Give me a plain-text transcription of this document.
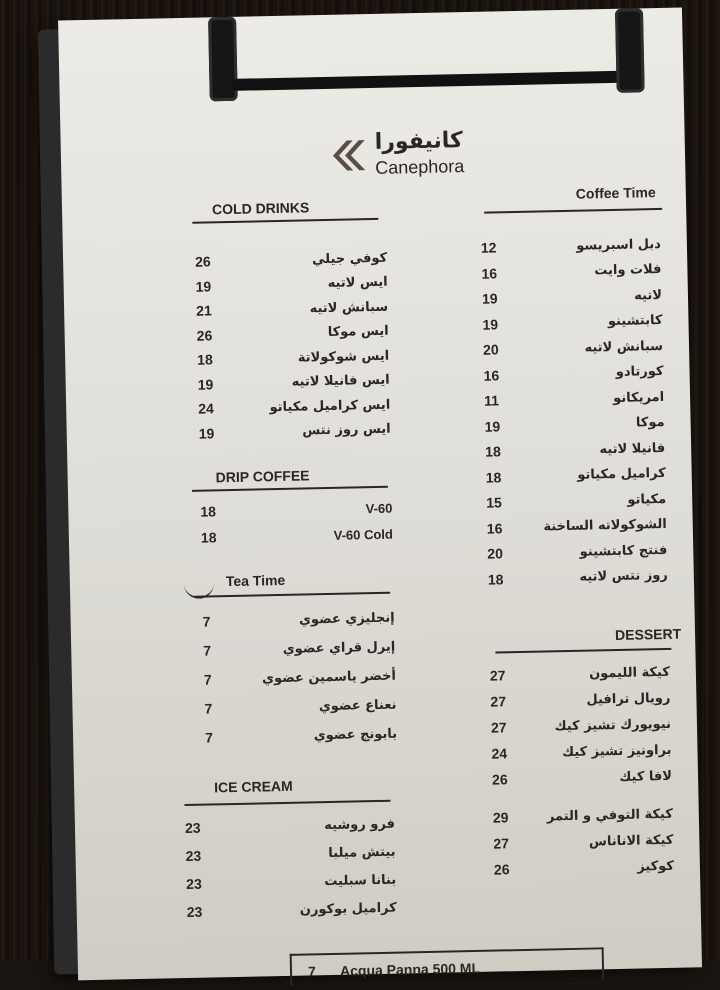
كانيفورا
Canephora
COLD DRINKS
26	كوفي جيلي
19	ايس لاتيه
21	سبانش لاتيه
26	ايس موكا
18	ايس شوكولاتة
19	ايس فانيلا لاتيه
24	ايس كراميل مكياتو
19	ايس روز نتس
DRIP COFFEE
18	V-60
18	V-60 Cold
Tea Time
7	إنجليزي عضوي
7	إيرل قراي عضوي
7	أخضر ياسمين عضوي
7	نعناع عضوي
7	بابونج عضوي
ICE CREAM
23	فرو روشيه
23	بيتش ميلبا
23	بنانا سبليت
23	كراميل بوكورن
Coffee Time
12	دبل اسبريسو
16	فلات وايت
19	لاتيه
19	كابتشينو
20	سبانش لاتيه
16	كورتادو
11	امريكانو
19	موكا
18	فانيلا لاتيه
18	كراميل مكياتو
15	مكياتو
16	الشوكولاته الساخنة
20	فنتج كابتشينو
18	روز نتس لاتيه
DESSERT
27	كيكة الليمون
27	رويال ترافيل
27	نيويورك تشيز كيك
24	براونيز تشيز كيك
26	لافا كيك
29	كيكة التوفي و التمر
27	كيكة الاناناس
26	كوكيز
7 Acqua Panna 500 ML
